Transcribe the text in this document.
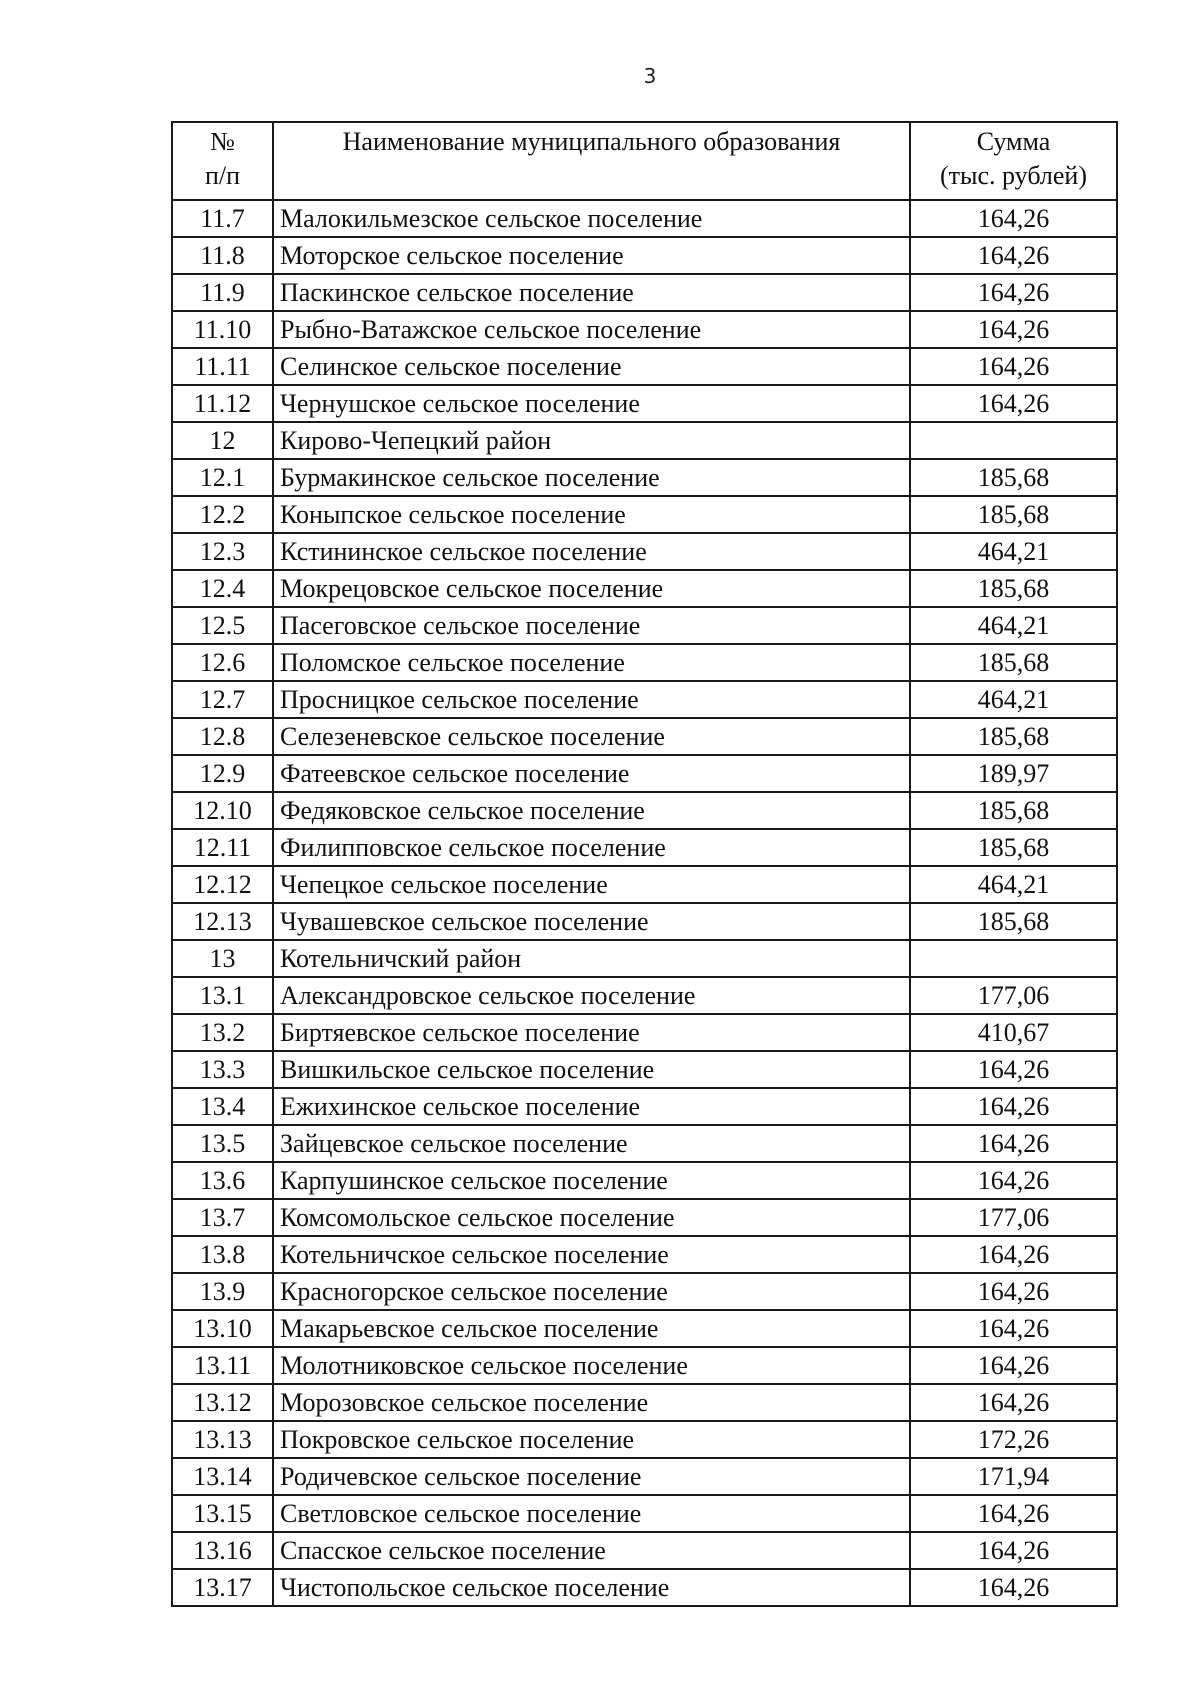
3
№
п/п	Наименование муниципального образования	Сумма
(тыс. рублей)

11.7	Малокильмезское сельское поселение	164,26
11.8	Моторское сельское поселение	164,26
11.9	Паскинское сельское поселение	164,26
11.10	Рыбно-Ватажское сельское поселение	164,26
11.11	Селинское сельское поселение	164,26
11.12	Чернушское сельское поселение	164,26
12	Кирово-Чепецкий район	
12.1	Бурмакинское сельское поселение	185,68
12.2	Коныпское сельское поселение	185,68
12.3	Кстининское сельское поселение	464,21
12.4	Мокрецовское сельское поселение	185,68
12.5	Пасеговское сельское поселение	464,21
12.6	Поломское сельское поселение	185,68
12.7	Просницкое сельское поселение	464,21
12.8	Селезеневское сельское поселение	185,68
12.9	Фатеевское сельское поселение	189,97
12.10	Федяковское сельское поселение	185,68
12.11	Филипповское сельское поселение	185,68
12.12	Чепецкое сельское поселение	464,21
12.13	Чувашевское сельское поселение	185,68
13	Котельничский район	
13.1	Александровское сельское поселение	177,06
13.2	Биртяевское сельское поселение	410,67
13.3	Вишкильское сельское поселение	164,26
13.4	Ежихинское сельское поселение	164,26
13.5	Зайцевское сельское поселение	164,26
13.6	Карпушинское сельское поселение	164,26
13.7	Комсомольское сельское поселение	177,06
13.8	Котельничское сельское поселение	164,26
13.9	Красногорское сельское поселение	164,26
13.10	Макарьевское сельское поселение	164,26
13.11	Молотниковское сельское поселение	164,26
13.12	Морозовское сельское поселение	164,26
13.13	Покровское сельское поселение	172,26
13.14	Родичевское сельское поселение	171,94
13.15	Светловское сельское поселение	164,26
13.16	Спасское сельское поселение	164,26
13.17	Чистопольское сельское поселение	164,26
